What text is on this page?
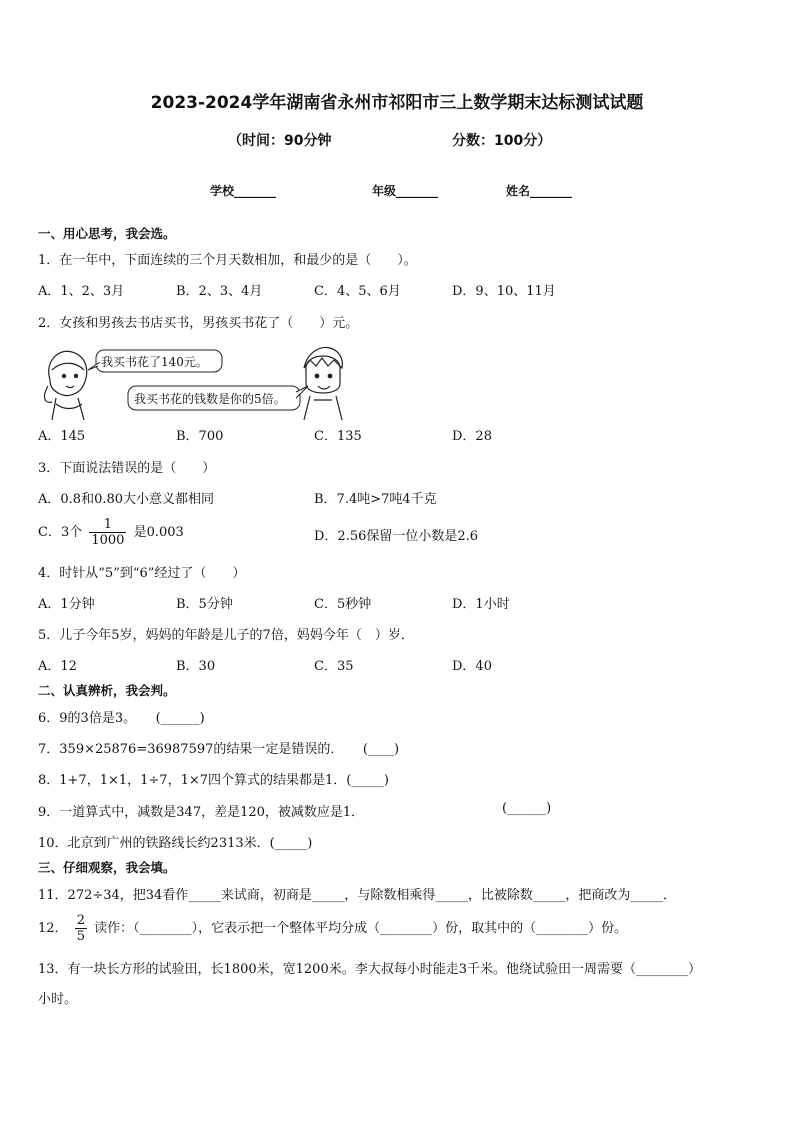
2023-2024学年湖南省永州市祁阳市三上数学期末达标测试试题
（时间：90分钟	分数：100分）
学校_______	年级_______	姓名_______
一、用心思考，我会选。
1．在一年中，下面连续的三个月天数相加，和最少的是（　　）。
A．1、2、3月	B．2、3、4月	C．4、5、6月	D．9、10、11月
2．女孩和男孩去书店买书，男孩买书花了（　　）元。
我买书花了140元。
我买书花的钱数是你的5倍。
A．145	B．700	C．135	D．28
3．下面说法错误的是（　　）
A．0.8和0.80大小意义都相同	B．7.4吨>7吨4千克
C．3个 $\frac{1}{1000}$ 是0.003	D．2.56保留一位小数是2.6
4．时针从“5”到“6”经过了（　　）
A．1分钟	B．5分钟	C．5秒钟	D．1小时
5．儿子今年5岁，妈妈的年龄是儿子的7倍，妈妈今年（　）岁．
A．12	B．30	C．35	D．40
二、认真辨析，我会判。
6．9的3倍是3。　　(______)
7．359×25876=36987597的结果一定是错误的．　　(____)
8．1+7，1×1，1÷7，1×7四个算式的结果都是1．(_____)
9．一道算式中，减数是347，差是120，被减数应是1．	(______)
10．北京到广州的铁路线长约2313米．(_____)
三、仔细观察，我会填。
11．272÷34，把34看作_____来试商，初商是_____，与除数相乘得_____，比被除数_____，把商改为_____．
12． $\frac{2}{5}$ 读作：（________），它表示把一个整体平均分成（________）份，取其中的（________）份。
13．有一块长方形的试验田，长1800米，宽1200米。李大叔每小时能走3千米。他绕试验田一周需要（________）
小时。
